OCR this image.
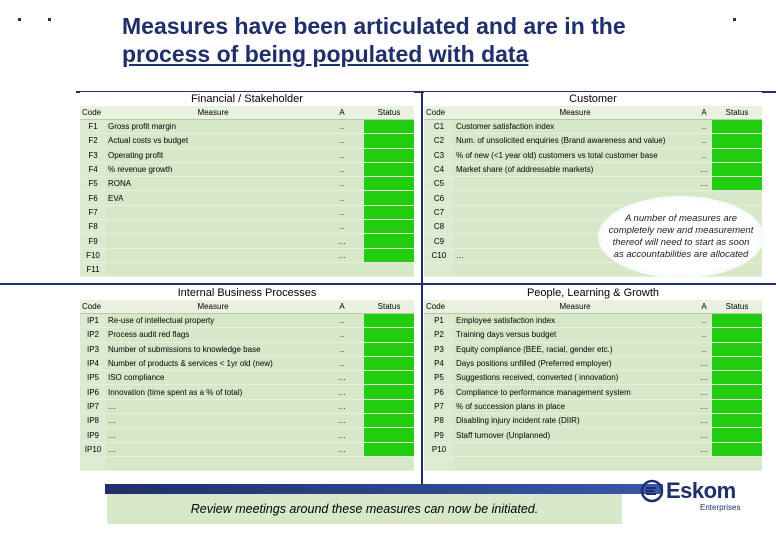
Measures have been articulated and are in the
process of being populated with data
Financial / Stakeholder
Code	Measure	A	Status
F1	Gross profit margin	..	
F2	Actual costs vs budget	..	
F3	Operating profit	..	
F4	% revenue growth	..	
F5	RONA	..	
F6	EVA	..	
F7		..	
F8		..	
F9		…	
F10		…	
F11			
Customer
Code	Measure	A	Status
C1	Customer satisfaction index	..	
C2	Num. of unsolicited enquiries (Brand awareness and value)	..	
C3	% of new (<1 year old) customers vs total customer base	..	
C4	Market share (of addressable markets)	…	
C5		…	
C6			
C7			
C8			
C9			
C10	…		

Internal Business Processes
Code	Measure	A	Status
IP1	Re-use of intellectual property	..	
IP2	Process audit red flags	..	
IP3	Number of submissions to knowledge base	..	
IP4	Number of products & services < 1yr old (new)	..	
IP5	ISO compliance	…	
IP6	Innovation (time spent as a % of total)	…	
IP7	…	…	
IP8	…	…	
IP9	…	…	
IP10	…	…	

People, Learning & Growth
Code	Measure	A	Status
P1	Employee satisfaction index	..	
P2	Training days versus budget	..	
P3	Equity compliance (BEE, racial, gender etc.)	..	
P4	Days positions unfilled (Preferred employer)	…	
P5	Suggestions received, converted ( innovation)	…	
P6	Compliance to performance management system	…	
P7	% of succession plans in place	…	
P8	Disabling injury incident rate (DIIR)	…	
P9	Staff turnover (Unplanned)	…	
P10		…	

A number of measures are completely new and measurement thereof will need to start as soon as accountabilities are allocated
Review meetings around these measures can now be initiated.
Eskom
Enterprises
